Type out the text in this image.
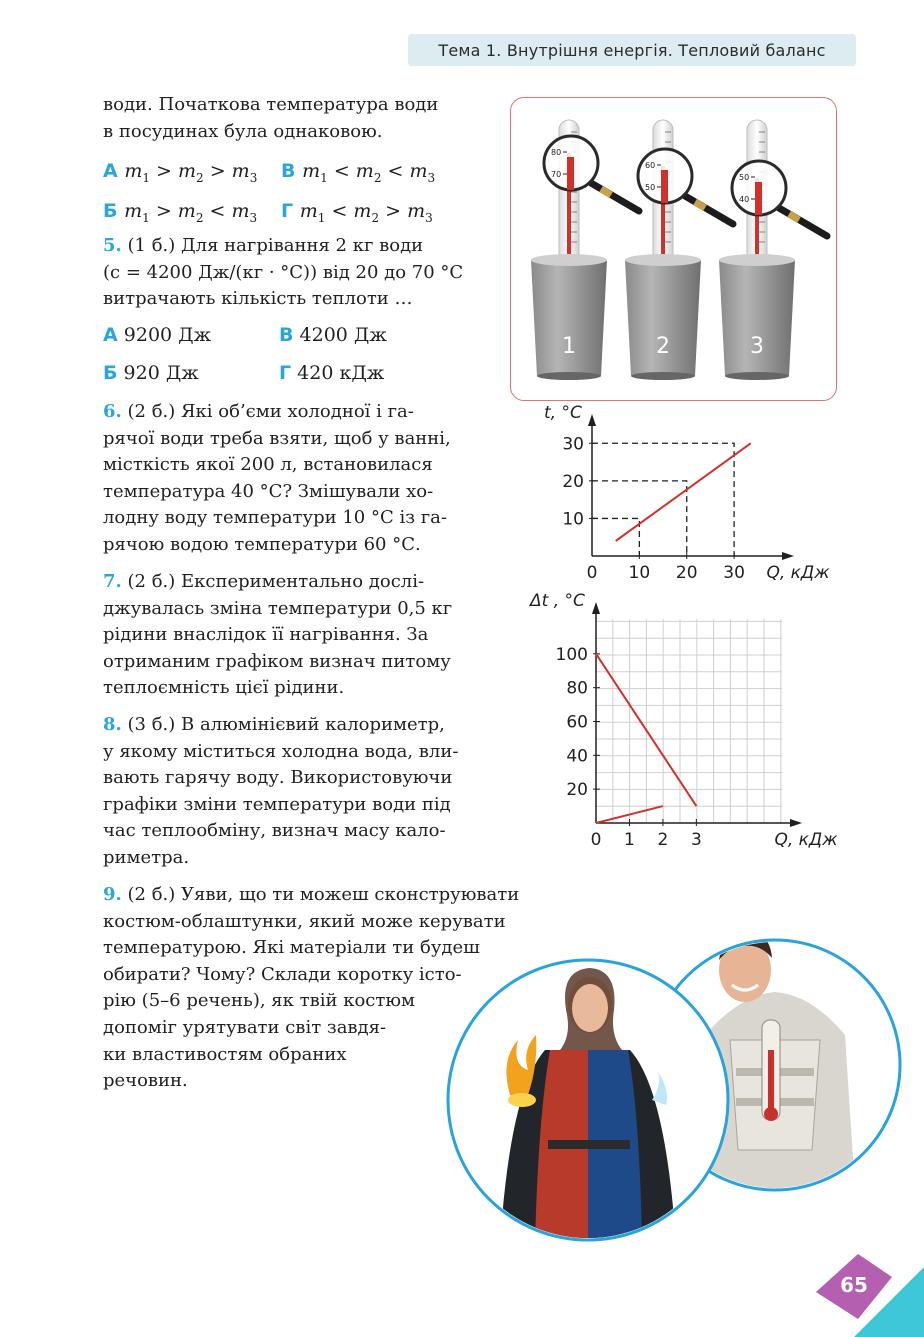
Тема 1. Внутрішня енергія. Тепловий баланс
води. Початкова температура води
в посудинах була однаковою.
А $m_1 > m_2 > m_3$ В $m_1 < m_2 < m_3$
Б $m_1 > m_2 < m_3$ Г $m_1 < m_2 > m_3$
5. (1 б.) Для нагрівання 2 кг води
(c = 4200 Дж/(кг · °С)) від 20 до 70 °С
витрачають кількість теплоти …
А 9200 Дж	В 4200 Дж
Б 920 Дж	Г 420 кДж
6. (2 б.) Які об’єми холодної і га-
рячої води треба взяти, щоб у ванні,
місткість якої 200 л, встановилася
температура 40 °С? Змішували хо-
лодну воду температури 10 °С із га-
рячою водою температури 60 °С.
7. (2 б.) Експериментально дослі-
джувалась зміна температури 0,5 кг
рідини внаслідок її нагрівання. За
отриманим графіком визнач питому
теплоємність цієї рідини.
8. (3 б.) В алюмінієвий калориметр,
у якому міститься холодна вода, вли-
вають гарячу воду. Використовуючи
графіки зміни температури води під
час теплообміну, визнач масу кало-
риметра.
9. (2 б.) Уяви, що ти можеш сконструювати
костюм-облаштунки, який може керувати
температурою. Які матеріали ти будеш
обирати? Чому? Склади коротку істо-
рію (5–6 речень), як твій костюм
допоміг урятувати світ завдя-
ки властивостям обраних
речовин.
80
70
1
60
50
2
50
40
3
0 10 20 30
10
20
30
t, °С
Q, кДж
0 1 2 3
20
40
60
80
100
Δt , °С
Q, кДж
65
